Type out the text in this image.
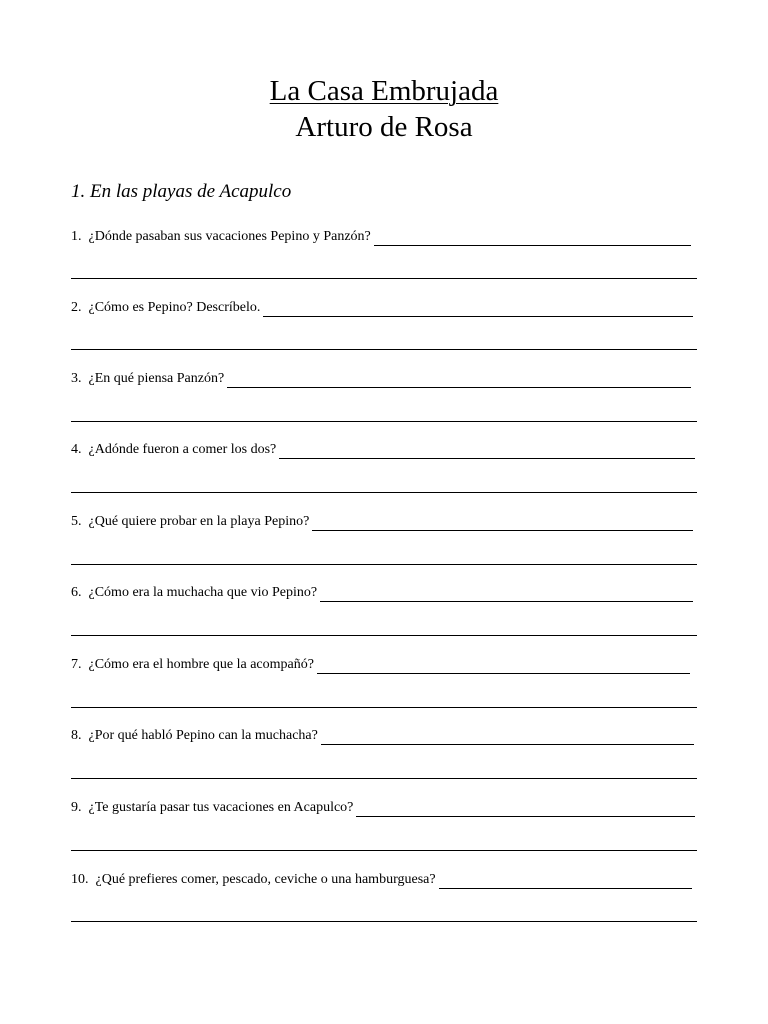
La Casa Embrujada
Arturo de Rosa
1. En las playas de Acapulco
1. ¿Dónde pasaban sus vacaciones Pepino y Panzón?
2. ¿Cómo es Pepino? Descríbelo.
3. ¿En qué piensa Panzón?
4. ¿Adónde fueron a comer los dos?
5. ¿Qué quiere probar en la playa Pepino?
6. ¿Cómo era la muchacha que vio Pepino?
7. ¿Cómo era el hombre que la acompañó?
8. ¿Por qué habló Pepino can la muchacha?
9. ¿Te gustaría pasar tus vacaciones en Acapulco?
10. ¿Qué prefieres comer, pescado, ceviche o una hamburguesa?
